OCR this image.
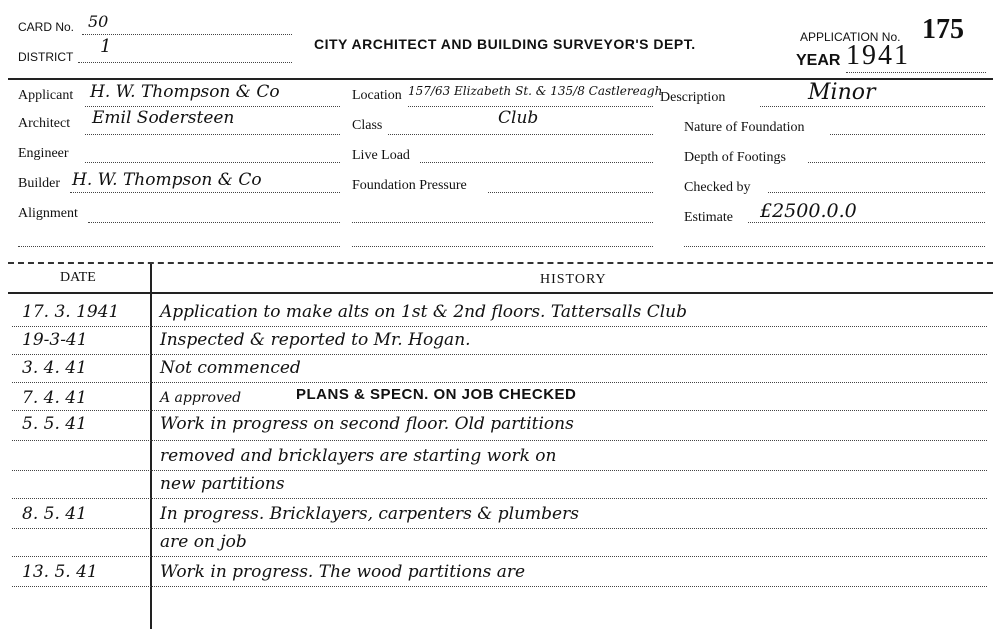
CARD No. 50
DISTRICT 1	CITY ARCHITECT AND BUILDING SURVEYOR'S DEPT.	APPLICATION No. 175
YEAR 1941
Applicant H. W. Thompson & Co
Architect Emil Sodersteen
Engineer
Builder H. W. Thompson & Co
Alignment
Location 157/63 Elizabeth St. & 135/8 Castlereagh
Class	Club
Live Load
Foundation Pressure
Description	Minor
Nature of Foundation
Depth of Footings
Checked by
Estimate £2500.0.0
DATE	HISTORY
17. 3. 1941 Application to make alts on 1st & 2nd floors. Tattersalls Club
19-3-41	Inspected & reported to Mr. Hogan.
3. 4. 41	Not commenced
7. 4. 41	A approved	PLANS & SPECN. ON JOB CHECKED
5. 5. 41	Work in progress on second floor. Old partitions
removed and bricklayers are starting work on
new partitions
8. 5. 41	In progress. Bricklayers, carpenters & plumbers
are on job
13. 5. 41	Work in progress. The wood partitions are
